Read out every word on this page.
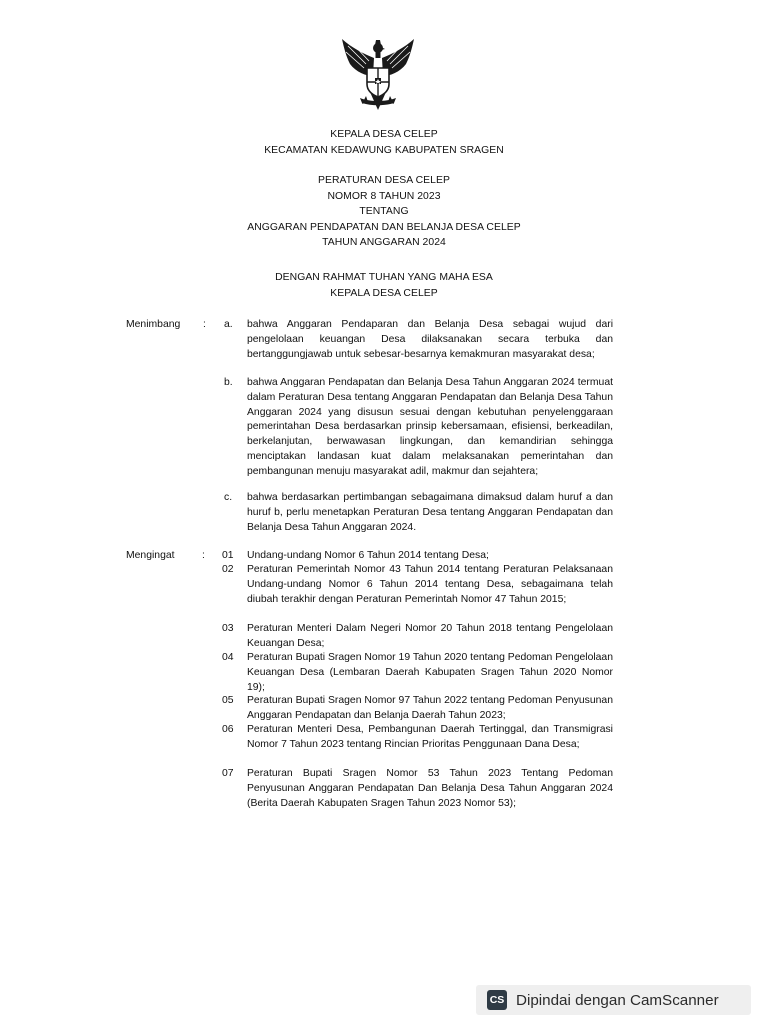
KEPALA DESA CELEP
KECAMATAN KEDAWUNG KABUPATEN SRAGEN
PERATURAN DESA CELEP
NOMOR 8 TAHUN 2023
TENTANG
ANGGARAN PENDAPATAN DAN BELANJA DESA CELEP
TAHUN ANGGARAN 2024
DENGAN RAHMAT TUHAN YANG MAHA ESA
KEPALA DESA CELEP
Menimbang : a.	bahwa Anggaran Pendaparan dan Belanja Desa sebagai wujud dari pengelolaan keuangan Desa dilaksanakan secara terbuka dan bertanggungjawab untuk sebesar-besarnya kemakmuran masyarakat desa;
b.	bahwa Anggaran Pendapatan dan Belanja Desa Tahun Anggaran 2024 termuat dalam Peraturan Desa tentang Anggaran Pendapatan dan Belanja Desa Tahun Anggaran 2024 yang disusun sesuai dengan kebutuhan penyelenggaraan pemerintahan Desa berdasarkan prinsip kebersamaan, efisiensi, berkeadilan, berkelanjutan, berwawasan lingkungan, dan kemandirian sehingga menciptakan landasan kuat dalam melaksanakan pemerintahan dan pembangunan menuju masyarakat adil, makmur dan sejahtera;
c.	bahwa berdasarkan pertimbangan sebagaimana dimaksud dalam huruf a dan huruf b, perlu menetapkan Peraturan Desa tentang Anggaran Pendapatan dan Belanja Desa Tahun Anggaran 2024.
Mengingat	: 01	Undang-undang Nomor 6 Tahun 2014 tentang Desa;
02	Peraturan Pemerintah Nomor 43 Tahun 2014 tentang Peraturan Pelaksanaan Undang-undang Nomor 6 Tahun 2014 tentang Desa, sebagaimana telah diubah terakhir dengan Peraturan Pemerintah Nomor 47 Tahun 2015;
03	Peraturan Menteri Dalam Negeri Nomor 20 Tahun 2018 tentang Pengelolaan Keuangan Desa;
04	Peraturan Bupati Sragen Nomor 19 Tahun 2020 tentang Pedoman Pengelolaan Keuangan Desa (Lembaran Daerah Kabupaten Sragen Tahun 2020 Nomor 19);
05	Peraturan Bupati Sragen Nomor 97 Tahun 2022 tentang Pedoman Penyusunan Anggaran Pendapatan dan Belanja Daerah Tahun 2023;
06	Peraturan Menteri Desa, Pembangunan Daerah Tertinggal, dan Transmigrasi Nomor 7 Tahun 2023 tentang Rincian Prioritas Penggunaan Dana Desa;
07	Peraturan Bupati Sragen Nomor 53 Tahun 2023 Tentang Pedoman Penyusunan Anggaran Pendapatan Dan Belanja Desa Tahun Anggaran 2024 (Berita Daerah Kabupaten Sragen Tahun 2023 Nomor 53);
CS Dipindai dengan CamScanner
